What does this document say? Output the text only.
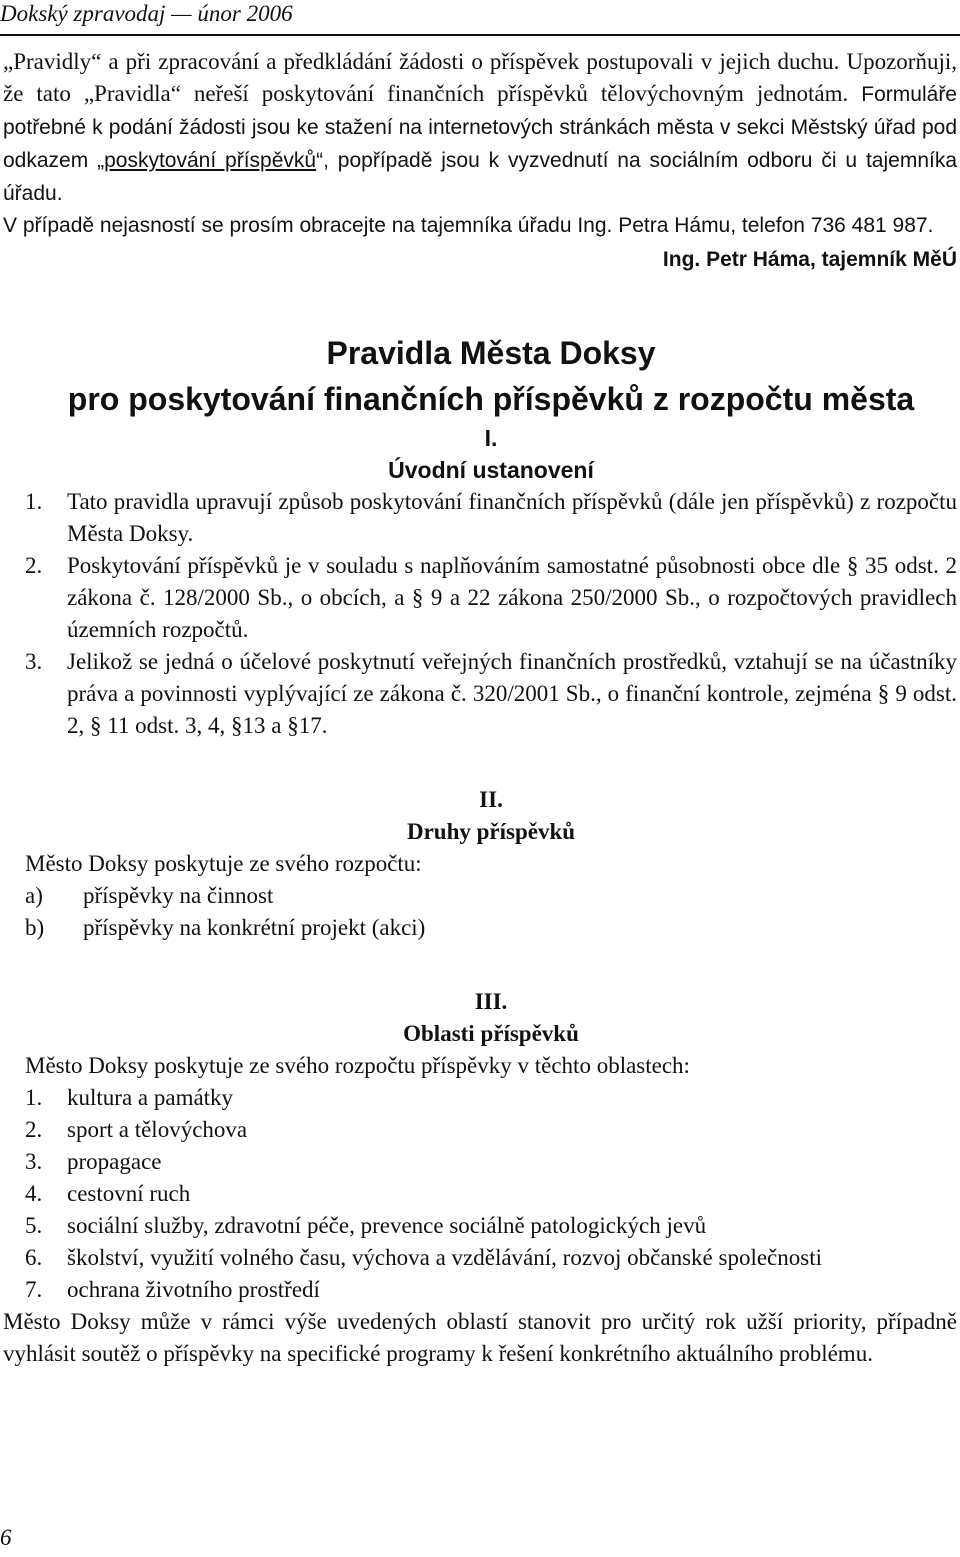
Dokský zpravodaj — únor 2006

„Pravidly“ a při zpracování a předkládání žádosti o příspěvek postupovali v jejich duchu. Upozorňuji, že tato „Pravidla“ neřeší poskytování finančních příspěvků tělovýchovným jednotám. Formuláře potřebné k podání žádosti jsou ke stažení na internetových stránkách města v sekci Městský úřad pod odkazem „poskytování příspěvků“, popřípadě jsou k vyzvednutí na sociálním odboru či u tajemníka úřadu.

V případě nejasností se prosím obracejte na tajemníka úřadu Ing. Petra Hámu, telefon 736 481 987.

Ing. Petr Háma, tajemník MěÚ

Pravidla Města Doksy

pro poskytování finančních příspěvků z rozpočtu města

I.

Úvodní ustanovení

1.	Tato pravidla upravují způsob poskytování finančních příspěvků (dále jen příspěvků) z rozpočtu Města Doksy.
2.	Poskytování příspěvků je v souladu s naplňováním samostatné působnosti obce dle § 35 odst. 2 zákona č. 128/2000 Sb., o obcích, a § 9 a 22 zákona 250/2000 Sb., o rozpočtových pravidlech územních rozpočtů.
3.	Jelikož se jedná o účelové poskytnutí veřejných finančních prostředků, vztahují se na účastníky práva a povinnosti vyplývající ze zákona č. 320/2001 Sb., o finanční kontrole, zejména § 9 odst. 2, § 11 odst. 3, 4, §13 a §17.

II.

Druhy příspěvků

Město Doksy poskytuje ze svého rozpočtu:

a)	příspěvky na činnost
b)	příspěvky na konkrétní projekt (akci)

III.

Oblasti příspěvků

Město Doksy poskytuje ze svého rozpočtu příspěvky v těchto oblastech:

1.	kultura a památky
2.	sport a tělovýchova
3.	propagace
4.	cestovní ruch
5.	sociální služby, zdravotní péče, prevence sociálně patologických jevů
6.	školství, využití volného času, výchova a vzdělávání, rozvoj občanské společnosti
7.	ochrana životního prostředí

Město Doksy může v rámci výše uvedených oblastí stanovit pro určitý rok užší priority, případně vyhlásit soutěž o příspěvky na specifické programy k řešení konkrétního aktuálního problému.

6
